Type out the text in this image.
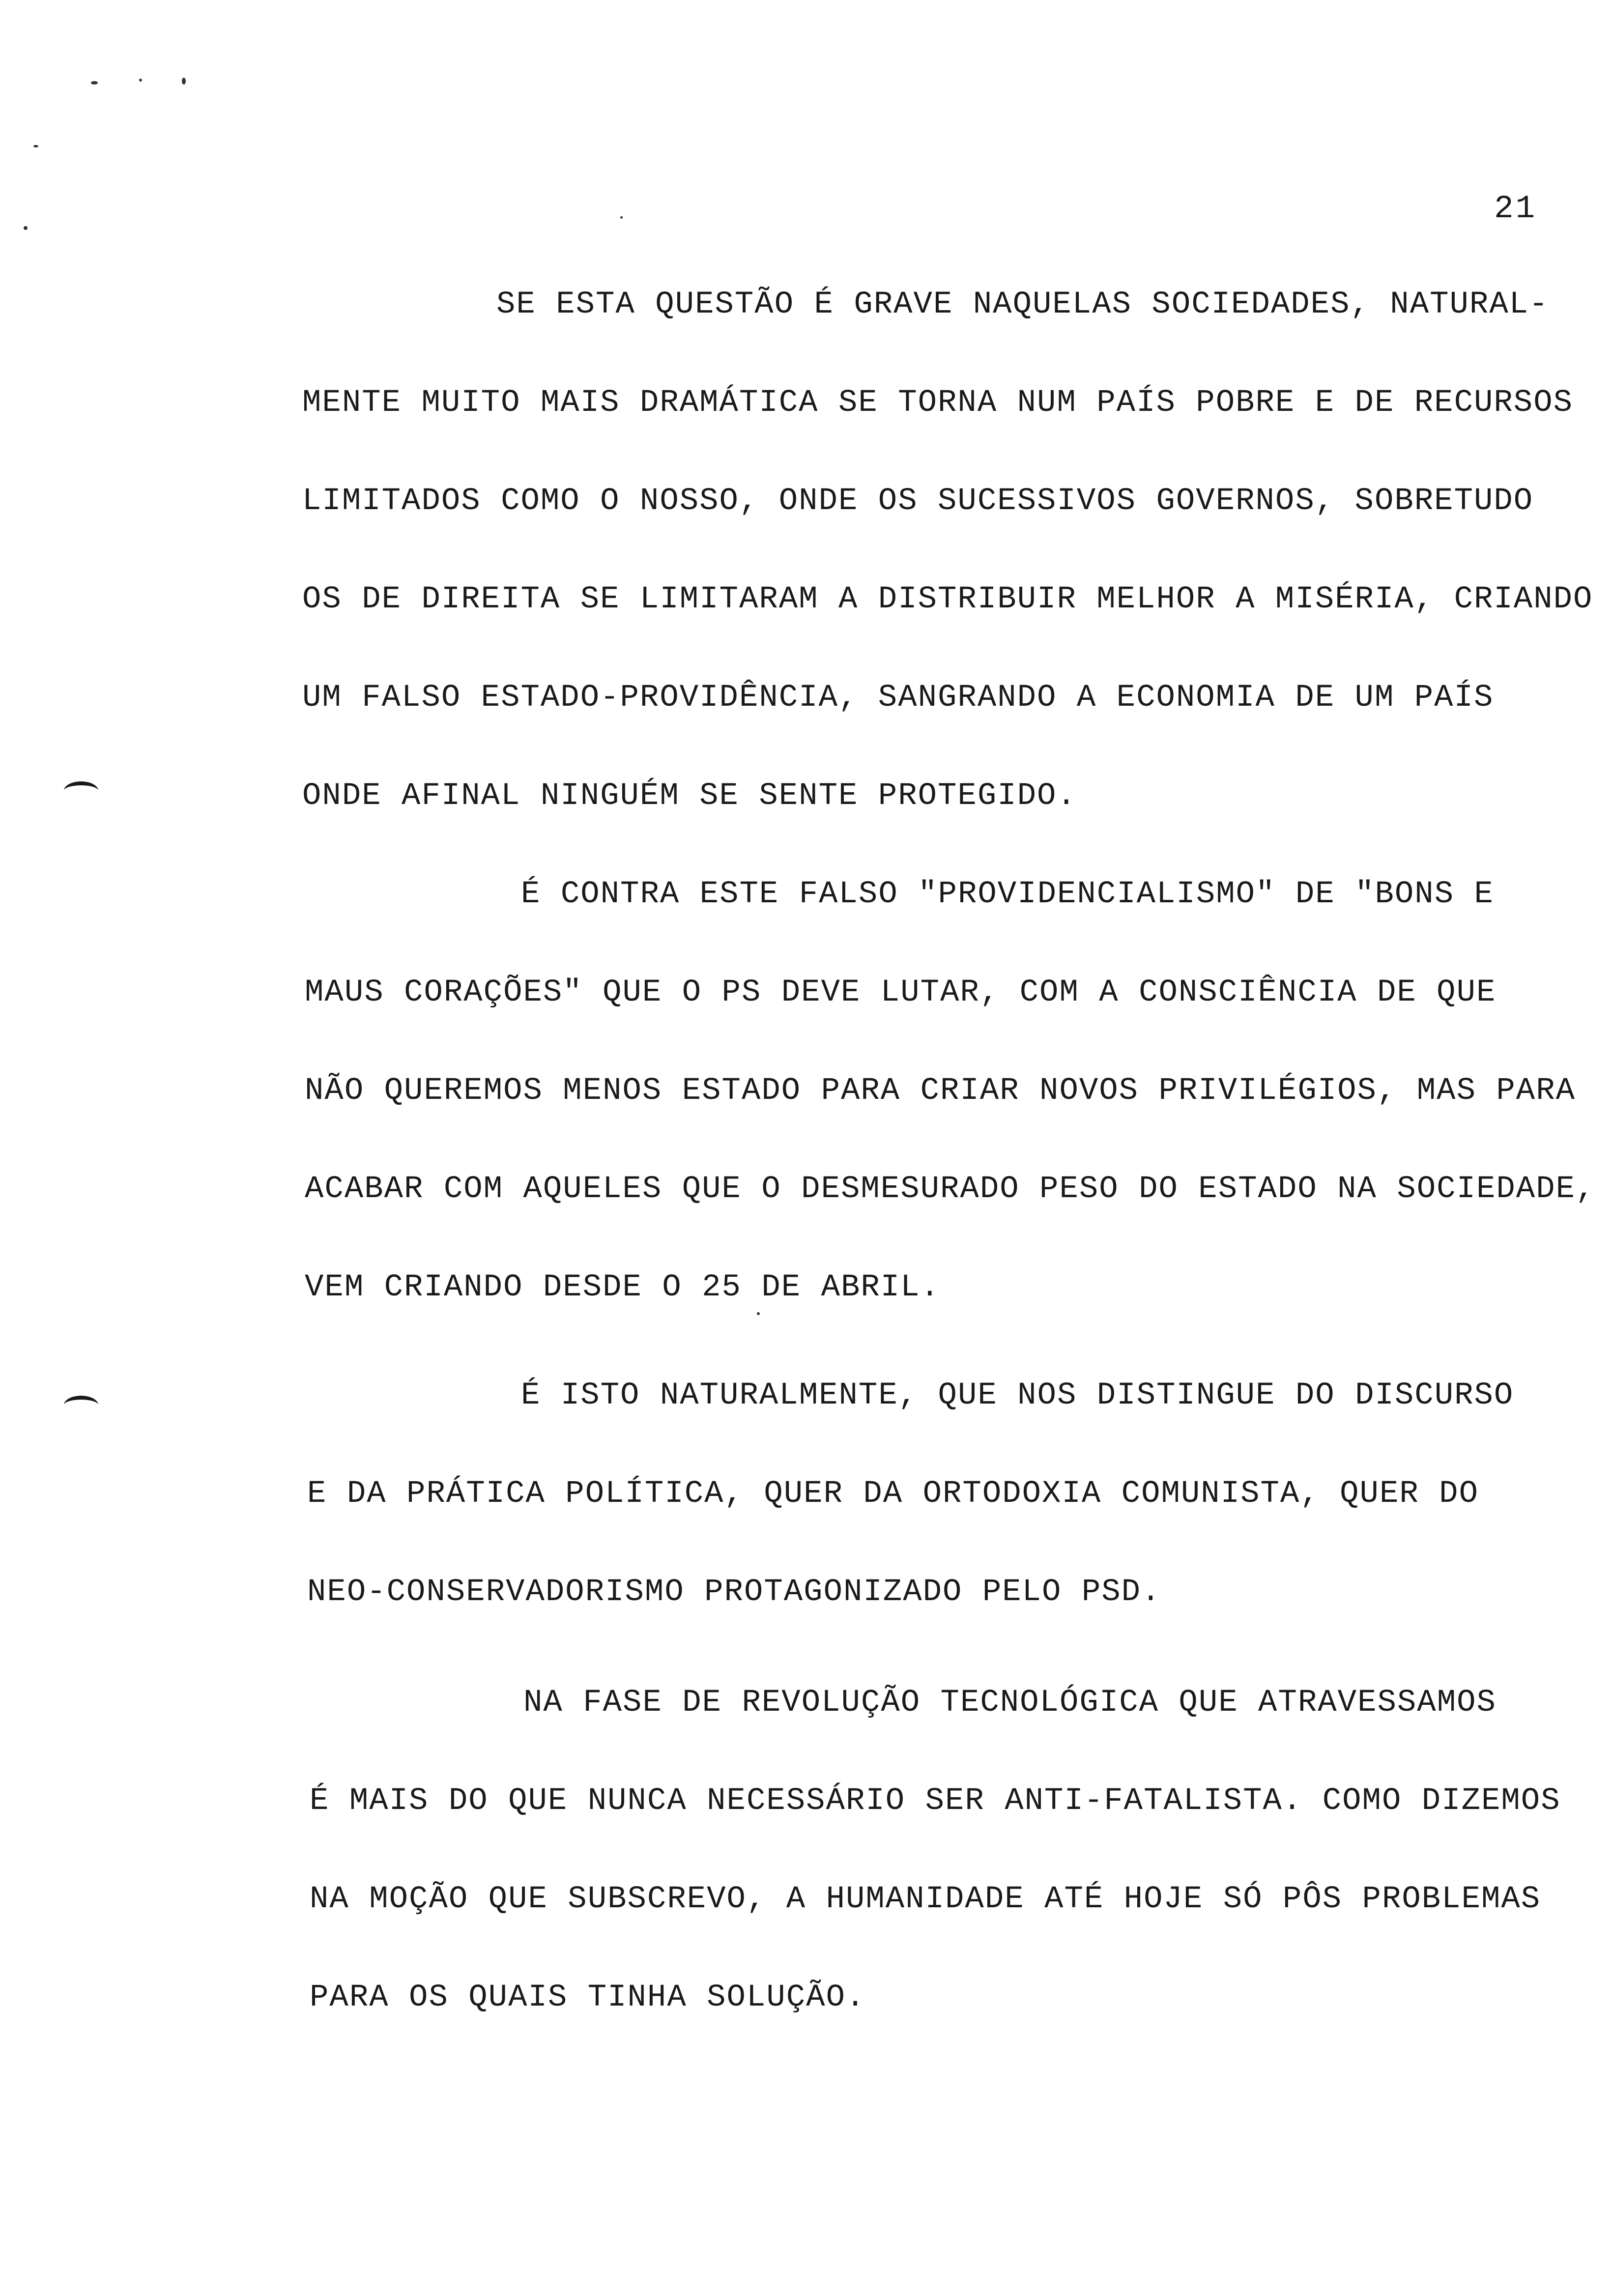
21
SE ESTA QUESTÃO É GRAVE NAQUELAS SOCIEDADES, NATURAL-
MENTE MUITO MAIS DRAMÁTICA SE TORNA NUM PAÍS POBRE E DE RECURSOS
LIMITADOS COMO O NOSSO, ONDE OS SUCESSIVOS GOVERNOS, SOBRETUDO
OS DE DIREITA SE LIMITARAM A DISTRIBUIR MELHOR A MISÉRIA, CRIANDO
UM FALSO ESTADO-PROVIDÊNCIA, SANGRANDO A ECONOMIA DE UM PAÍS
ONDE AFINAL NINGUÉM SE SENTE PROTEGIDO.
É CONTRA ESTE FALSO "PROVIDENCIALISMO" DE "BONS E
MAUS CORAÇÕES" QUE O PS DEVE LUTAR, COM A CONSCIÊNCIA DE QUE
NÃO QUEREMOS MENOS ESTADO PARA CRIAR NOVOS PRIVILÉGIOS, MAS PARA
ACABAR COM AQUELES QUE O DESMESURADO PESO DO ESTADO NA SOCIEDADE,
VEM CRIANDO DESDE O 25 DE ABRIL.
É ISTO NATURALMENTE, QUE NOS DISTINGUE DO DISCURSO
E DA PRÁTICA POLÍTICA, QUER DA ORTODOXIA COMUNISTA, QUER DO
NEO-CONSERVADORISMO PROTAGONIZADO PELO PSD.
NA FASE DE REVOLUÇÃO TECNOLÓGICA QUE ATRAVESSAMOS
É MAIS DO QUE NUNCA NECESSÁRIO SER ANTI-FATALISTA. COMO DIZEMOS
NA MOÇÃO QUE SUBSCREVO, A HUMANIDADE ATÉ HOJE SÓ PÔS PROBLEMAS
PARA OS QUAIS TINHA SOLUÇÃO.
